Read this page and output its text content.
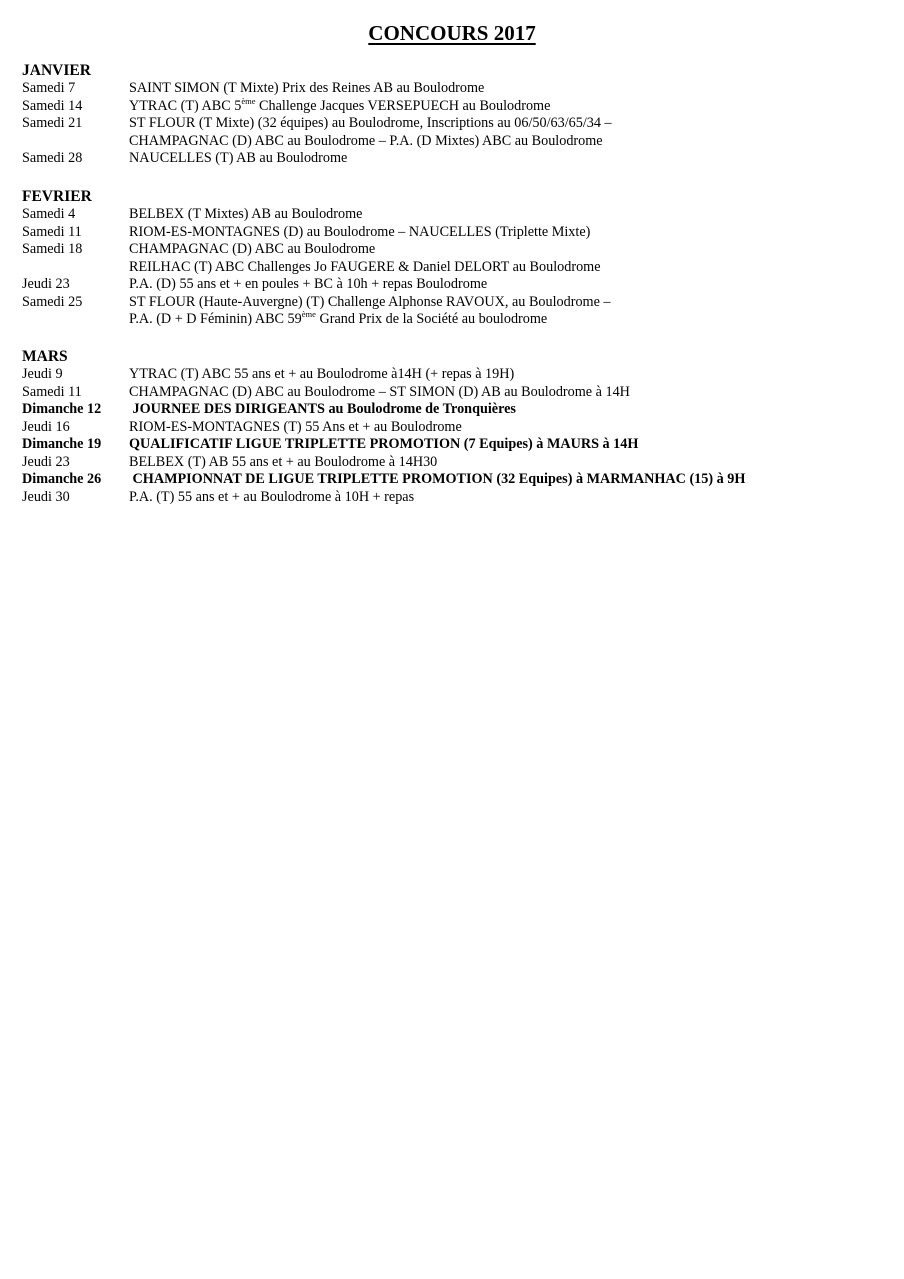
CONCOURS 2017
JANVIER
Samedi 7	SAINT SIMON (T Mixte) Prix des Reines AB au Boulodrome
Samedi 14	YTRAC (T) ABC 5ème Challenge Jacques VERSEPUECH au Boulodrome
Samedi 21	ST FLOUR (T Mixte) (32 équipes) au Boulodrome, Inscriptions au 06/50/63/65/34 –
CHAMPAGNAC (D) ABC au Boulodrome – P.A. (D Mixtes) ABC au Boulodrome
Samedi 28	NAUCELLES (T) AB au Boulodrome
FEVRIER
Samedi 4	BELBEX (T Mixtes) AB au Boulodrome
Samedi 11	RIOM-ES-MONTAGNES (D) au Boulodrome – NAUCELLES (Triplette Mixte)
Samedi 18	CHAMPAGNAC (D) ABC au Boulodrome
REILHAC (T) ABC Challenges Jo FAUGERE & Daniel DELORT au Boulodrome
Jeudi 23	P.A. (D) 55 ans et + en poules + BC à 10h + repas Boulodrome
Samedi 25	ST FLOUR (Haute-Auvergne) (T) Challenge Alphonse RAVOUX, au Boulodrome –
P.A. (D + D Féminin) ABC 59ème Grand Prix de la Société au boulodrome
MARS
Jeudi 9	YTRAC (T) ABC 55 ans et + au Boulodrome à14H (+ repas à 19H)
Samedi 11	CHAMPAGNAC (D) ABC au Boulodrome – ST SIMON (D) AB au Boulodrome à 14H
Dimanche 12	JOURNEE DES DIRIGEANTS au Boulodrome de Tronquières
Jeudi 16	RIOM-ES-MONTAGNES (T) 55 Ans et + au Boulodrome
Dimanche 19	QUALIFICATIF LIGUE TRIPLETTE PROMOTION (7 Equipes) à MAURS à 14H
Jeudi 23	BELBEX (T) AB 55 ans et + au Boulodrome à 14H30
Dimanche 26	CHAMPIONNAT DE LIGUE TRIPLETTE PROMOTION (32 Equipes) à MARMANHAC (15) à 9H
Jeudi 30	P.A. (T) 55 ans et + au Boulodrome à 10H + repas
